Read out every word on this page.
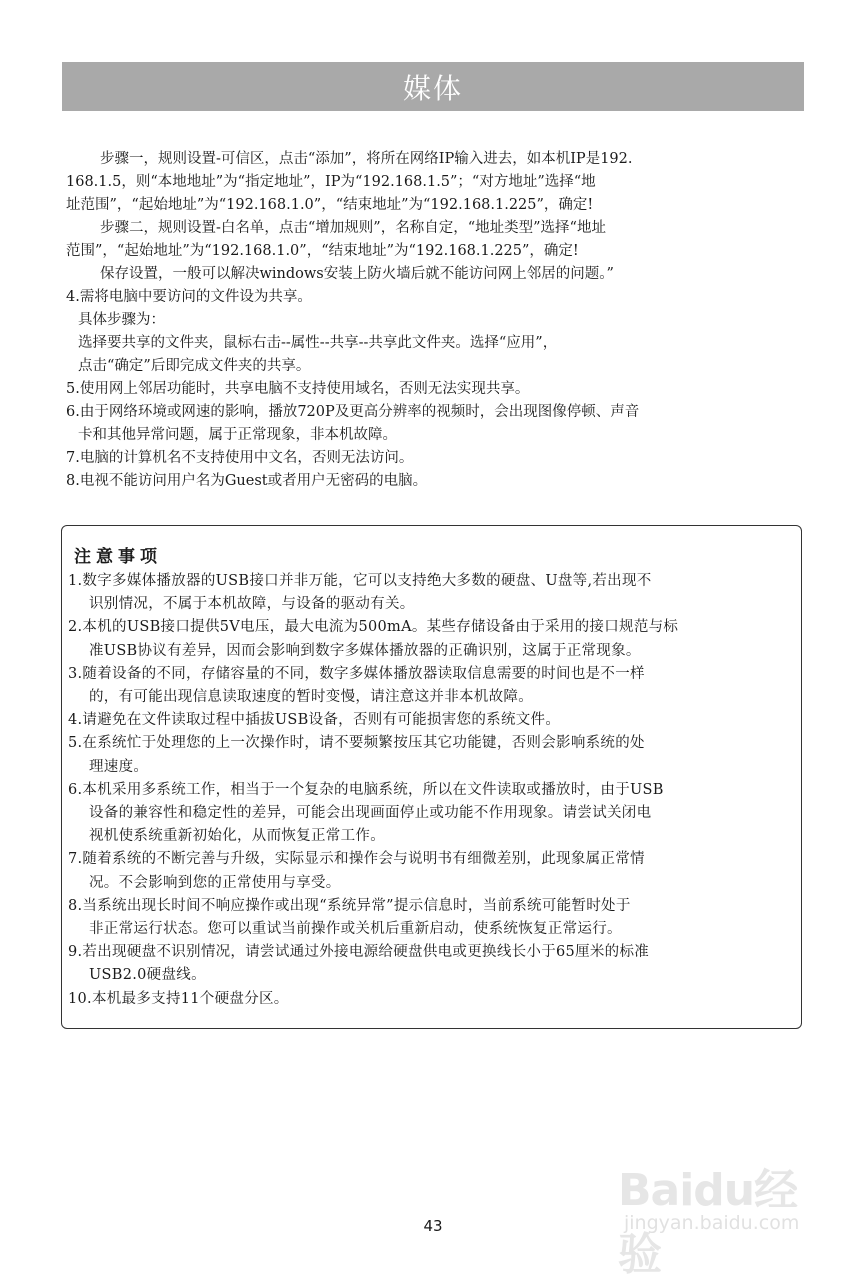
媒体

步骤一，规则设置-可信区，点击“添加”，将所在网络IP输入进去，如本机IP是192.

168.1.5，则“本地地址”为“指定地址”，IP为“192.168.1.5”；“对方地址”选择“地

址范围”，“起始地址”为“192.168.1.0”，“结束地址”为“192.168.1.225”，确定!

步骤二，规则设置-白名单，点击“增加规则”，名称自定，“地址类型”选择“地址

范围”，“起始地址”为“192.168.1.0”，“结束地址”为“192.168.1.225”，确定!

保存设置，一般可以解决windows安装上防火墙后就不能访问网上邻居的问题。”

4.需将电脑中要访问的文件设为共享。

具体步骤为：

选择要共享的文件夹，鼠标右击--属性--共享--共享此文件夹。选择“应用”，

点击“确定”后即完成文件夹的共享。

5.使用网上邻居功能时，共享电脑不支持使用域名，否则无法实现共享。

6.由于网络环境或网速的影响，播放720P及更高分辨率的视频时，会出现图像停顿、声音

卡和其他异常问题，属于正常现象，非本机故障。

7.电脑的计算机名不支持使用中文名，否则无法访问。

8.电视不能访问用户名为Guest或者用户无密码的电脑。

注意事项

1.数字多媒体播放器的USB接口并非万能，它可以支持绝大多数的硬盘、U盘等,若出现不

识别情况，不属于本机故障，与设备的驱动有关。

2.本机的USB接口提供5V电压，最大电流为500mA。某些存储设备由于采用的接口规范与标

准USB协议有差异，因而会影响到数字多媒体播放器的正确识别，这属于正常现象。

3.随着设备的不同，存储容量的不同，数字多媒体播放器读取信息需要的时间也是不一样

的，有可能出现信息读取速度的暂时变慢，请注意这并非本机故障。

4.请避免在文件读取过程中插拔USB设备，否则有可能损害您的系统文件。

5.在系统忙于处理您的上一次操作时，请不要频繁按压其它功能键，否则会影响系统的处

理速度。

6.本机采用多系统工作，相当于一个复杂的电脑系统，所以在文件读取或播放时，由于USB

设备的兼容性和稳定性的差异，可能会出现画面停止或功能不作用现象。请尝试关闭电

视机使系统重新初始化，从而恢复正常工作。

7.随着系统的不断完善与升级，实际显示和操作会与说明书有细微差别，此现象属正常情

况。不会影响到您的正常使用与享受。

8.当系统出现长时间不响应操作或出现“系统异常”提示信息时，当前系统可能暂时处于

非正常运行状态。您可以重试当前操作或关机后重新启动，使系统恢复正常运行。

9.若出现硬盘不识别情况，请尝试通过外接电源给硬盘供电或更换线长小于65厘米的标准

USB2.0硬盘线。

10.本机最多支持11个硬盘分区。

43
Baidu经验
jingyan.baidu.com
